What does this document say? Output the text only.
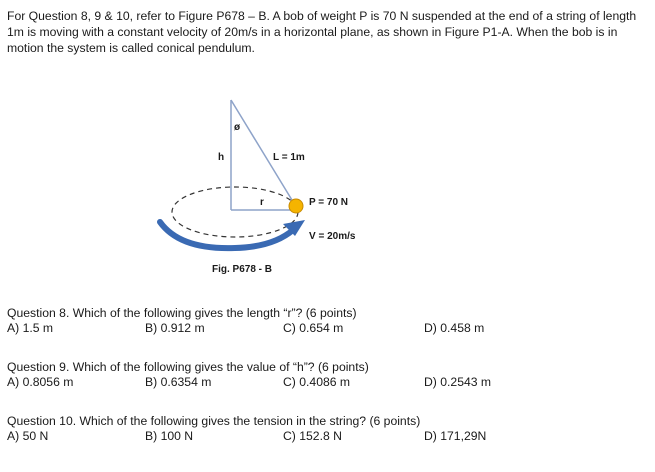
For Question 8, 9 & 10, refer to Figure P678 – B. A bob of weight P is 70 N suspended at the end of a string of length 1m is moving with a constant velocity of 20m/s in a horizontal plane, as shown in Figure P1-A. When the bob is in motion the system is called conical pendulum.

ø
h	L = 1m
r	P = 70 N
V = 20m/s
Fig. P678 - B
Question 8. Which of the following gives the length “r”? (6 points)
A) 1.5 m	B) 0.912 m	C) 0.654 m	D) 0.458 m
Question 9. Which of the following gives the value of “h”? (6 points)
A) 0.8056 m	B) 0.6354 m	C) 0.4086 m	D) 0.2543 m
Question 10. Which of the following gives the tension in the string? (6 points)
A) 50 N	B) 100 N	C) 152.8 N	D) 171,29N
